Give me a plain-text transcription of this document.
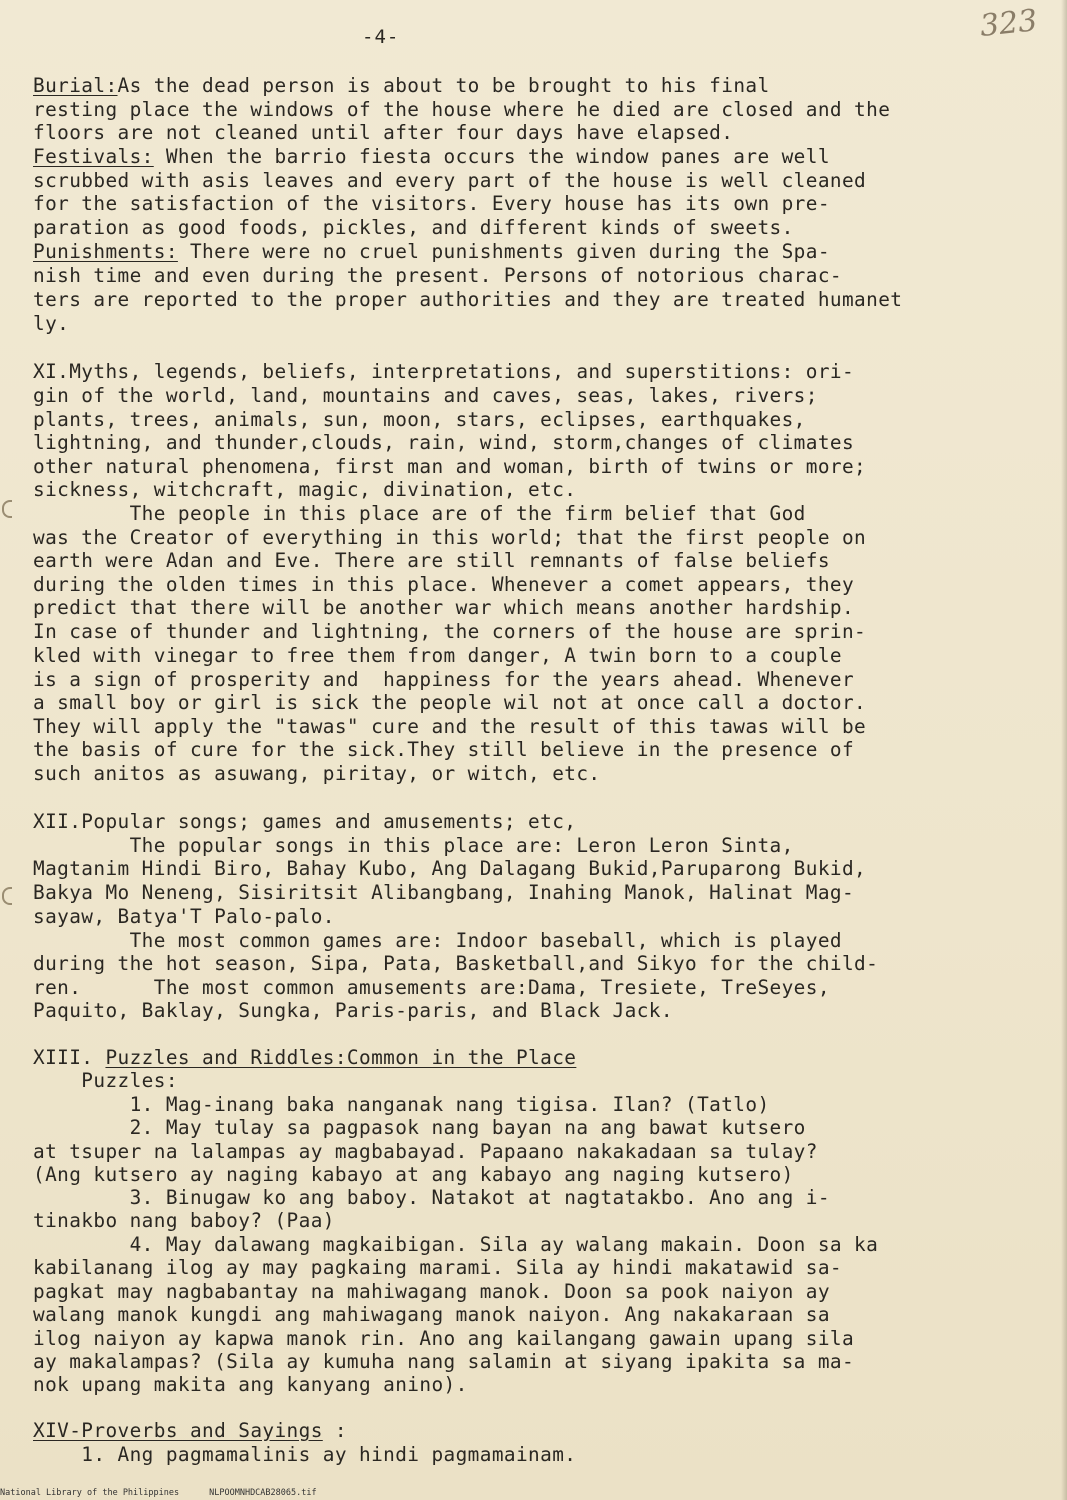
-4-	323
Burial:As the dead person is about to be brought to his final
resting place the windows of the house where he died are closed and the
floors are not cleaned until after four days have elapsed.
Festivals: When the barrio fiesta occurs the window panes are well
scrubbed with asis leaves and every part of the house is well cleaned
for the satisfaction of the visitors. Every house has its own pre-
paration as good foods, pickles, and different kinds of sweets.
Punishments: There were no cruel punishments given during the Spa-
nish time and even during the present. Persons of notorious charac-
ters are reported to the proper authorities and they are treated humanet
ly.
XI.Myths, legends, beliefs, interpretations, and superstitions: ori-
gin of the world, land, mountains and caves, seas, lakes, rivers;
plants, trees, animals, sun, moon, stars, eclipses, earthquakes,
lightning, and thunder,clouds, rain, wind, storm,changes of climates
other natural phenomena, first man and woman, birth of twins or more;
sickness, witchcraft, magic, divination, etc.
The people in this place are of the firm belief that God
was the Creator of everything in this world; that the first people on
earth were Adan and Eve. There are still remnants of false beliefs
during the olden times in this place. Whenever a comet appears, they
predict that there will be another war which means another hardship.
In case of thunder and lightning, the corners of the house are sprin-
kled with vinegar to free them from danger, A twin born to a couple
is a sign of prosperity and  happiness for the years ahead. Whenever
a small boy or girl is sick the people wil not at once call a doctor.
They will apply the "tawas" cure and the result of this tawas will be
the basis of cure for the sick.They still believe in the presence of
such anitos as asuwang, piritay, or witch, etc.
XII.Popular songs; games and amusements; etc,
The popular songs in this place are: Leron Leron Sinta,
Magtanim Hindi Biro, Bahay Kubo, Ang Dalagang Bukid,Paruparong Bukid,
Bakya Mo Neneng, Sisiritsit Alibangbang, Inahing Manok, Halinat Mag-
sayaw, Batya'T Palo-palo.
The most common games are: Indoor baseball, which is played
during the hot season, Sipa, Pata, Basketball,and Sikyo for the child-
ren.      The most common amusements are:Dama, Tresiete, TreSeyes,
Paquito, Baklay, Sungka, Paris-paris, and Black Jack.
XIII. Puzzles and Riddles:Common in the Place
Puzzles:
1. Mag-inang baka nanganak nang tigisa. Ilan? (Tatlo)
2. May tulay sa pagpasok nang bayan na ang bawat kutsero
at tsuper na lalampas ay magbabayad. Papaano nakakadaan sa tulay?
(Ang kutsero ay naging kabayo at ang kabayo ang naging kutsero)
3. Binugaw ko ang baboy. Natakot at nagtatakbo. Ano ang i-
tinakbo nang baboy? (Paa)
4. May dalawang magkaibigan. Sila ay walang makain. Doon sa ka
kabilanang ilog ay may pagkaing marami. Sila ay hindi makatawid sa-
pagkat may nagbabantay na mahiwagang manok. Doon sa pook naiyon ay
walang manok kungdi ang mahiwagang manok naiyon. Ang nakakaraan sa
ilog naiyon ay kapwa manok rin. Ano ang kailangang gawain upang sila
ay makalampas? (Sila ay kumuha nang salamin at siyang ipakita sa ma-
nok upang makita ang kanyang anino).
XIV-Proverbs and Sayings :
1. Ang pagmamalinis ay hindi pagmamainam.
National Library of the Philippines	NLPOOMNHDCAB28065.tif
